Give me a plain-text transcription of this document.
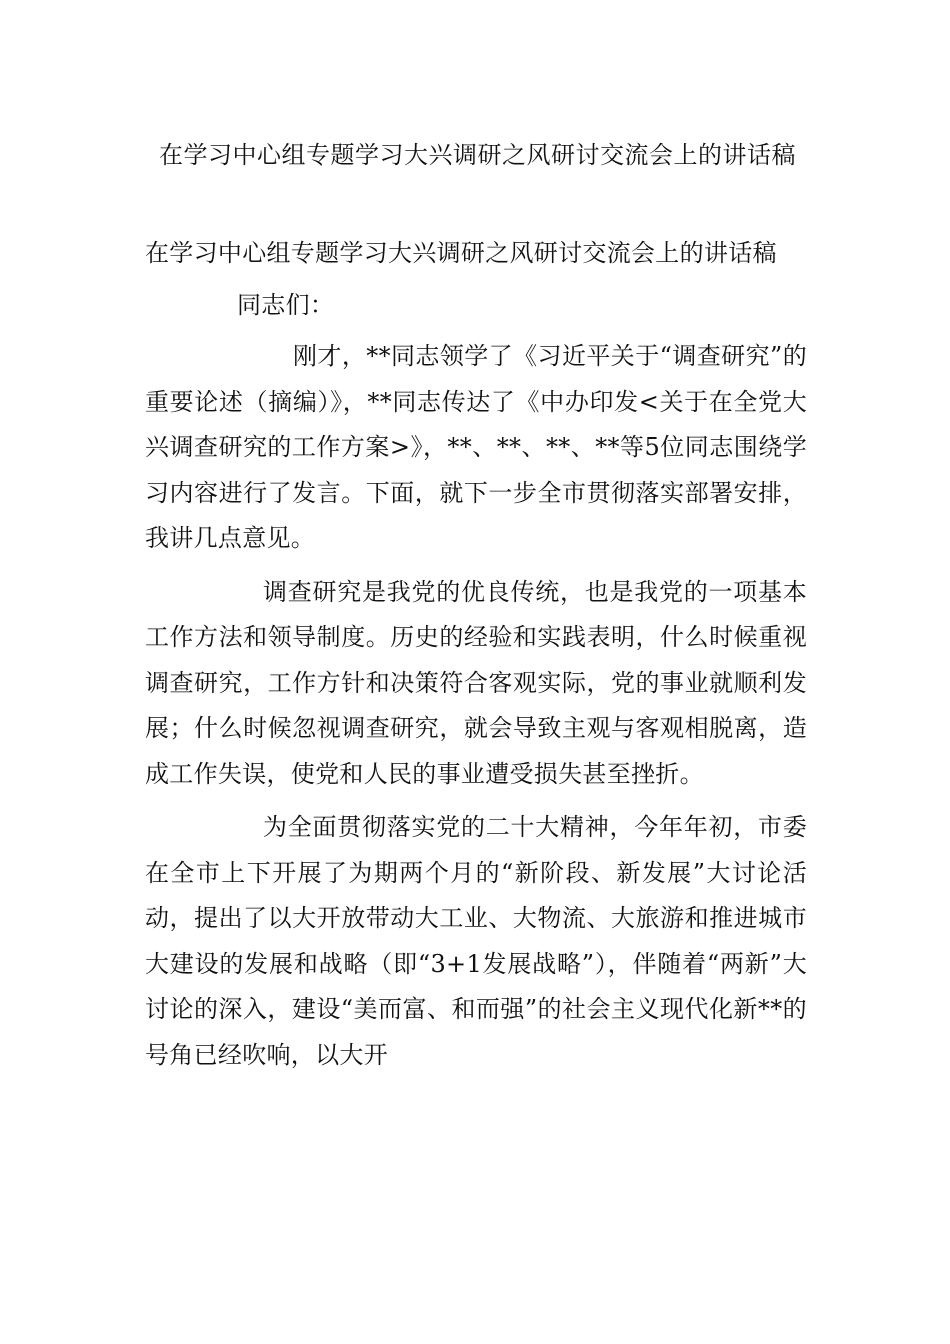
在学习中心组专题学习大兴调研之风研讨交流会上的讲话稿

在学习中心组专题学习大兴调研之风研讨交流会上的讲话稿

同志们：

刚才，**同志领学了《习近平关于“调查研究”的重要论述（摘编）》，**同志传达了《中办印发<关于在全党大兴调查研究的工作方案>》，**、**、**、**等5位同志围绕学习内容进行了发言。下面，就下一步全市贯彻落实部署安排，我讲几点意见。

调查研究是我党的优良传统，也是我党的一项基本工作方法和领导制度。历史的经验和实践表明，什么时候重视调查研究，工作方针和决策符合客观实际，党的事业就顺利发展；什么时候忽视调查研究，就会导致主观与客观相脱离，造成工作失误，使党和人民的事业遭受损失甚至挫折。

为全面贯彻落实党的二十大精神，今年年初，市委在全市上下开展了为期两个月的“新阶段、新发展”大讨论活动，提出了以大开放带动大工业、大物流、大旅游和推进城市大建设的发展和战略（即“3+1发展战略”），伴随着“两新”大讨论的深入，建设“美而富、和而强”的社会主义现代化新**的号角已经吹响，以大开
